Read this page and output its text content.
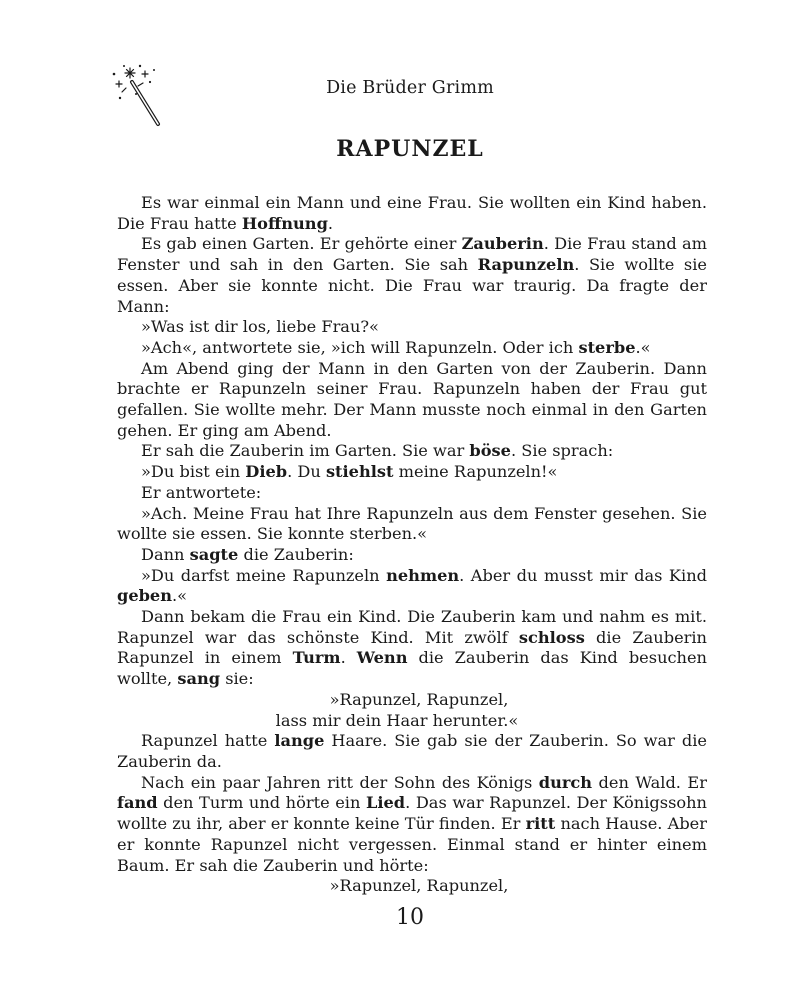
Die Brüder Grimm
RAPUNZEL

Es war einmal ein Mann und eine Frau. Sie wollten ein Kind haben. Die Frau hatte Hoffnung.

Es gab einen Garten. Er gehörte einer Zauberin. Die Frau stand am Fenster und sah in den Garten. Sie sah Rapunzeln. Sie wollte sie essen. Aber sie konnte nicht. Die Frau war traurig. Da fragte der Mann:

»Was ist dir los, liebe Frau?«

»Ach«, antwortete sie, »ich will Rapunzeln. Oder ich sterbe.«

Am Abend ging der Mann in den Garten von der Zauberin. Dann brachte er Rapunzeln seiner Frau. Rapunzeln haben der Frau gut gefallen. Sie wollte mehr. Der Mann musste noch einmal in den Garten gehen. Er ging am Abend.

Er sah die Zauberin im Garten. Sie war böse. Sie sprach:

»Du bist ein Dieb. Du stiehlst meine Rapunzeln!«

Er antwortete:

»Ach. Meine Frau hat Ihre Rapunzeln aus dem Fenster gesehen. Sie wollte sie essen. Sie konnte sterben.«

Dann sagte die Zauberin:

»Du darfst meine Rapunzeln nehmen. Aber du musst mir das Kind geben.«

Dann bekam die Frau ein Kind. Die Zauberin kam und nahm es mit. Rapunzel war das schönste Kind. Mit zwölf schloss die Zauberin Rapunzel in einem Turm. Wenn die Zauberin das Kind besuchen wollte, sang sie:

»Rapunzel, Rapunzel,

lass mir dein Haar herunter.«

Rapunzel hatte lange Haare. Sie gab sie der Zauberin. So war die Zauberin da.

Nach ein paar Jahren ritt der Sohn des Königs durch den Wald. Er fand den Turm und hörte ein Lied. Das war Rapunzel. Der Königssohn wollte zu ihr, aber er konnte keine Tür finden. Er ritt nach Hause. Aber er konnte Rapunzel nicht vergessen. Einmal stand er hinter einem Baum. Er sah die Zauberin und hörte:

»Rapunzel, Rapunzel,

10
